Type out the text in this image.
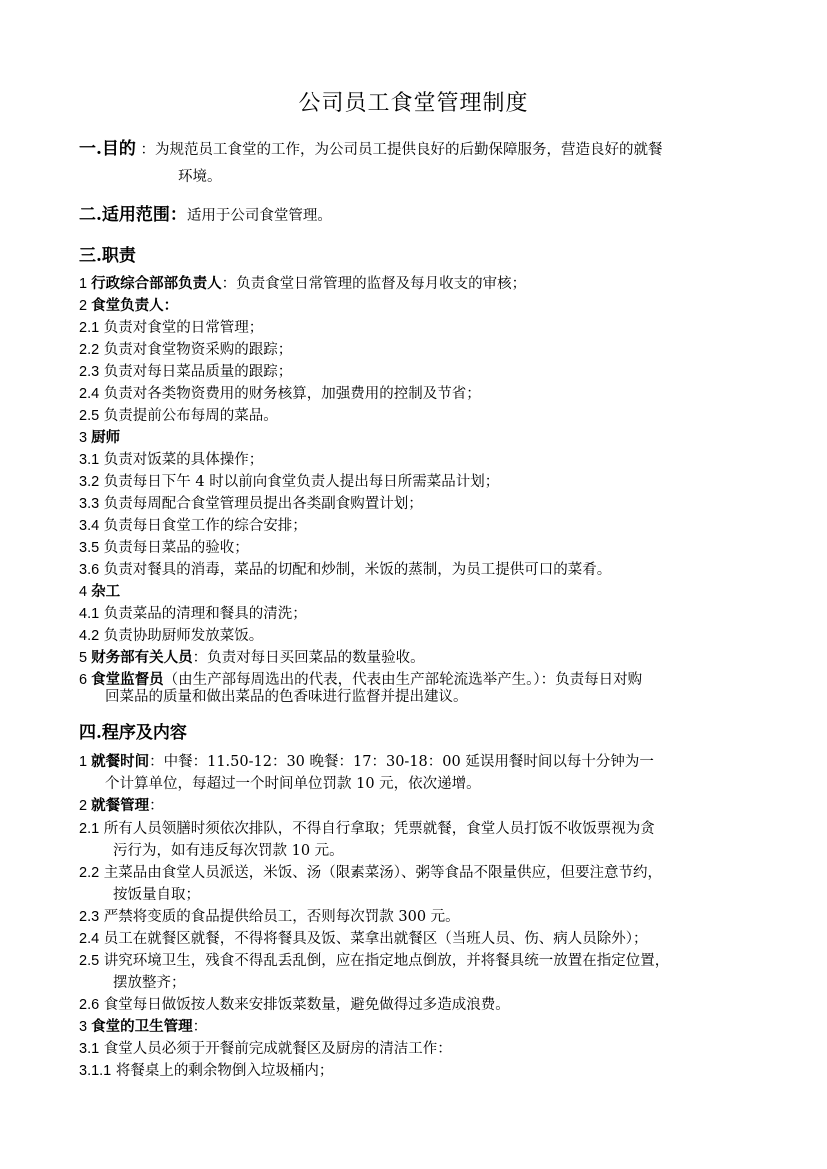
公司员工食堂管理制度
一.目的 ：为规范员工食堂的工作，为公司员工提供良好的后勤保障服务，营造良好的就餐
环境。
二.适用范围：适用于公司食堂管理。
三.职责
1 行政综合部部负责人：负责食堂日常管理的监督及每月收支的审核；
2 食堂负责人：
2.1 负责对食堂的日常管理；
2.2 负责对食堂物资采购的跟踪；
2.3 负责对每日菜品质量的跟踪；
2.4 负责对各类物资费用的财务核算，加强费用的控制及节省；
2.5 负责提前公布每周的菜品。
3 厨师
3.1 负责对饭菜的具体操作；
3.2 负责每日下午 4 时以前向食堂负责人提出每日所需菜品计划；
3.3 负责每周配合食堂管理员提出各类副食购置计划；
3.4 负责每日食堂工作的综合安排；
3.5 负责每日菜品的验收；
3.6 负责对餐具的消毒，菜品的切配和炒制，米饭的蒸制，为员工提供可口的菜肴。
4 杂工
4.1 负责菜品的清理和餐具的清洗；
4.2 负责协助厨师发放菜饭。
5 财务部有关人员：负责对每日买回菜品的数量验收。
6 食堂监督员（由生产部每周选出的代表，代表由生产部轮流选举产生。）：负责每日对购
回菜品的质量和做出菜品的色香味进行监督并提出建议。
四.程序及内容
1 就餐时间：中餐：11.50-12：30 晚餐：17：30-18：00 延误用餐时间以每十分钟为一
个计算单位，每超过一个时间单位罚款 10 元，依次递增。
2 就餐管理：
2.1 所有人员领膳时须依次排队，不得自行拿取；凭票就餐，食堂人员打饭不收饭票视为贪
污行为，如有违反每次罚款 10 元。
2.2 主菜品由食堂人员派送，米饭、汤（限素菜汤）、粥等食品不限量供应，但要注意节约，
按饭量自取；
2.3 严禁将变质的食品提供给员工，否则每次罚款 300 元。
2.4 员工在就餐区就餐，不得将餐具及饭、菜拿出就餐区（当班人员、伤、病人员除外）；
2.5 讲究环境卫生，残食不得乱丢乱倒，应在指定地点倒放，并将餐具统一放置在指定位置，
摆放整齐；
2.6 食堂每日做饭按人数来安排饭菜数量，避免做得过多造成浪费。
3 食堂的卫生管理：
3.1 食堂人员必须于开餐前完成就餐区及厨房的清洁工作：
3.1.1 将餐桌上的剩余物倒入垃圾桶内；
